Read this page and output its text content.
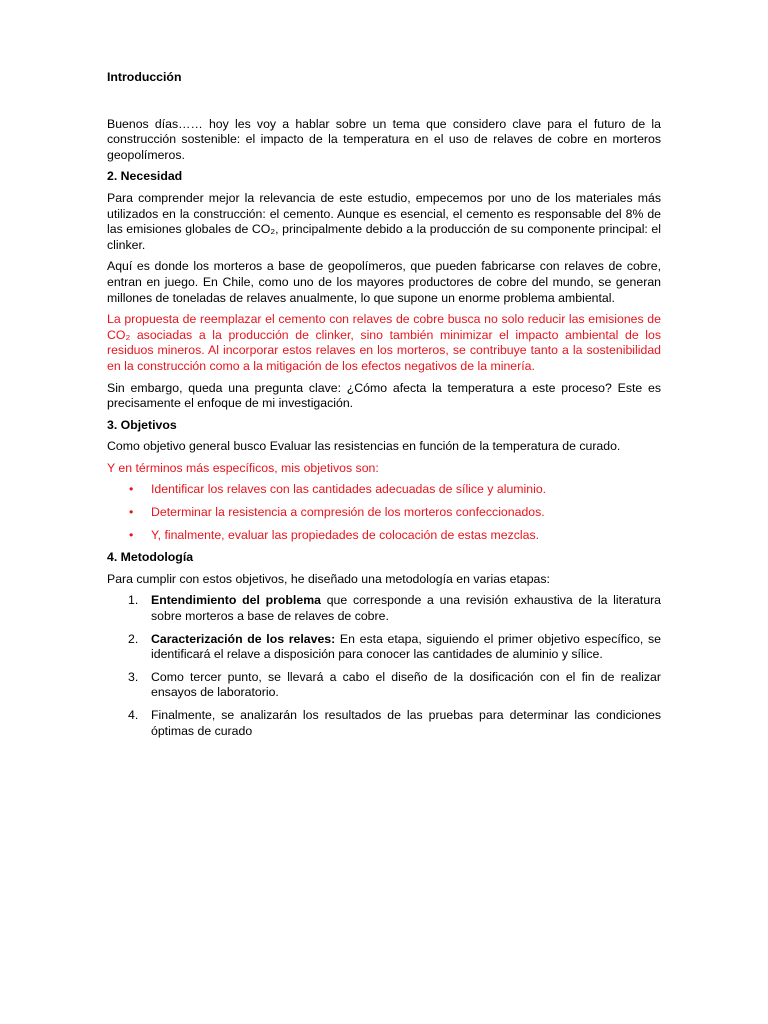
Introducción

Buenos días…… hoy les voy a hablar sobre un tema que considero clave para el futuro de la construcción sostenible: el impacto de la temperatura en el uso de relaves de cobre en morteros geopolímeros.

2. Necesidad

Para comprender mejor la relevancia de este estudio, empecemos por uno de los materiales más utilizados en la construcción: el cemento. Aunque es esencial, el cemento es responsable del 8% de las emisiones globales de CO₂, principalmente debido a la producción de su componente principal: el clinker.

Aquí es donde los morteros a base de geopolímeros, que pueden fabricarse con relaves de cobre, entran en juego. En Chile, como uno de los mayores productores de cobre del mundo, se generan millones de toneladas de relaves anualmente, lo que supone un enorme problema ambiental.

La propuesta de reemplazar el cemento con relaves de cobre busca no solo reducir las emisiones de CO₂ asociadas a la producción de clinker, sino también minimizar el impacto ambiental de los residuos mineros. Al incorporar estos relaves en los morteros, se contribuye tanto a la sostenibilidad en la construcción como a la mitigación de los efectos negativos de la minería.

Sin embargo, queda una pregunta clave: ¿Cómo afecta la temperatura a este proceso? Este es precisamente el enfoque de mi investigación.

3. Objetivos

Como objetivo general busco Evaluar las resistencias en función de la temperatura de curado.

Y en términos más específicos, mis objetivos son:

• Identificar los relaves con las cantidades adecuadas de sílice y aluminio.
• Determinar la resistencia a compresión de los morteros confeccionados.
• Y, finalmente, evaluar las propiedades de colocación de estas mezclas.

4. Metodología

Para cumplir con estos objetivos, he diseñado una metodología en varias etapas:

1. Entendimiento del problema que corresponde a una revisión exhaustiva de la literatura sobre morteros a base de relaves de cobre.
2. Caracterización de los relaves: En esta etapa, siguiendo el primer objetivo específico, se identificará el relave a disposición para conocer las cantidades de aluminio y sílice.
3. Como tercer punto, se llevará a cabo el diseño de la dosificación con el fin de realizar ensayos de laboratorio.
4. Finalmente, se analizarán los resultados de las pruebas para determinar las condiciones óptimas de curado
